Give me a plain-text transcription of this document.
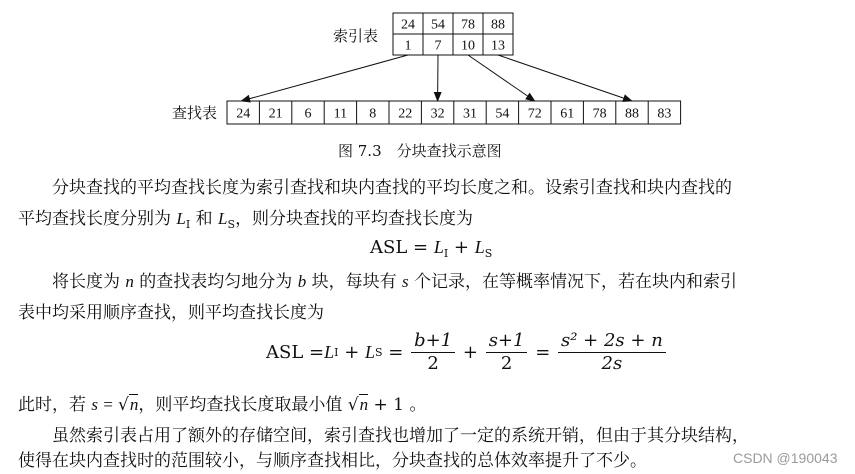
索引表
查找表
24 54 78 88
1 7 10 13
24 21 6 11 8 22 32 31 54 72 61 78 88 83
图 7.3　分块查找示意图
分块查找的平均查找长度为索引查找和块内查找的平均长度之和。设索引查找和块内查找的
平均查找长度分别为 $L_I$ 和 $L_S$，则分块查找的平均查找长度为
ASL = $L_I + L_S$
将长度为 n 的查找表均匀地分为 b 块，每块有 s 个记录，在等概率情况下，若在块内和索引
表中均采用顺序查找，则平均查找长度为
ASL = L I + L $S = \frac{b+1}{2} + \frac{s+1}{2} = \frac{\text{s² + 2s + n}}{2s}$
此时，若 s = √n，则平均查找长度取最小值 √n + 1 。
虽然索引表占用了额外的存储空间，索引查找也增加了一定的系统开销，但由于其分块结构，
使得在块内查找时的范围较小，与顺序查找相比，分块查找的总体效率提升了不少。	CSDN @190043
